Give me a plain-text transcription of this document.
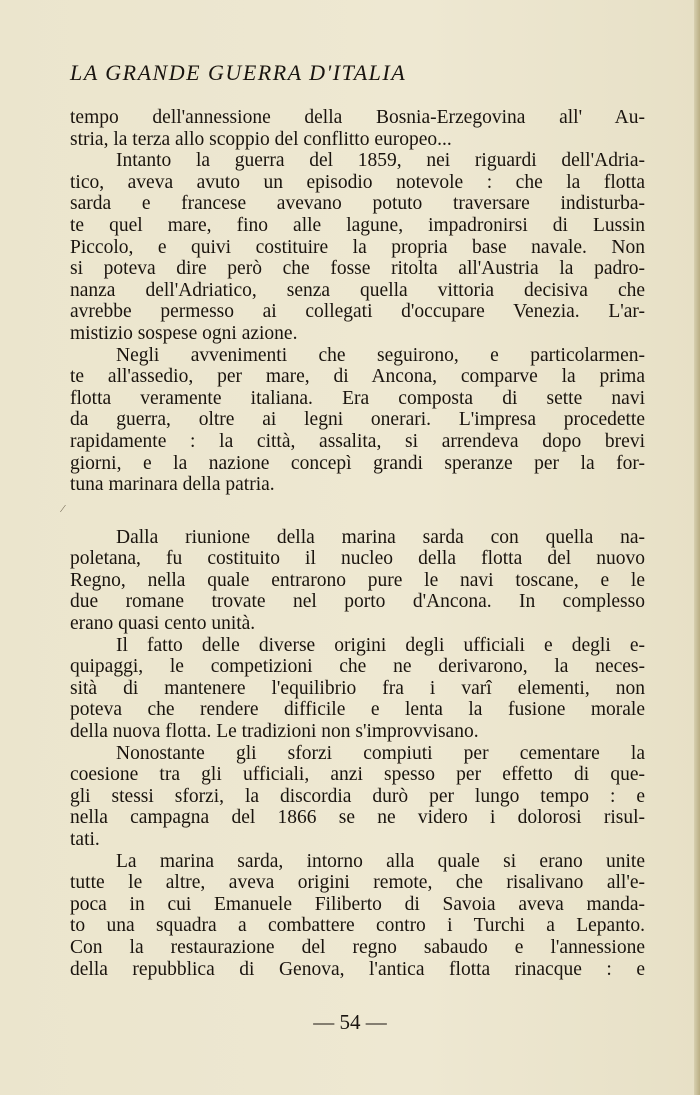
LA GRANDE GUERRA D'ITALIA
tempo dell'annessione della Bosnia-Erzegovina all' Au-
stria, la terza allo scoppio del conflitto europeo...
Intanto la guerra del 1859, nei riguardi dell'Adria-
tico, aveva avuto un episodio notevole : che la flotta
sarda e francese avevano potuto traversare indisturba-
te quel mare, fino alle lagune, impadronirsi di Lussin
Piccolo, e quivi costituire la propria base navale. Non
si poteva dire però che fosse ritolta all'Austria la padro-
nanza dell'Adriatico, senza quella vittoria decisiva che
avrebbe permesso ai collegati d'occupare Venezia. L'ar-
mistizio sospese ogni azione.
Negli avvenimenti che seguirono, e particolarmen-
te all'assedio, per mare, di Ancona, comparve la prima
flotta veramente italiana. Era composta di sette navi
da guerra, oltre ai legni onerari. L'impresa procedette
rapidamente : la città, assalita, si arrendeva dopo brevi
giorni, e la nazione concepì grandi speranze per la for-
tuna marinara della patria.
Dalla riunione della marina sarda con quella na-
poletana, fu costituito il nucleo della flotta del nuovo
Regno, nella quale entrarono pure le navi toscane, e le
due romane trovate nel porto d'Ancona. In complesso
erano quasi cento unità.
Il fatto delle diverse origini degli ufficiali e degli e-
quipaggi, le competizioni che ne derivarono, la neces-
sità di mantenere l'equilibrio fra i varî elementi, non
poteva che rendere difficile e lenta la fusione morale
della nuova flotta. Le tradizioni non s'improvvisano.
Nonostante gli sforzi compiuti per cementare la
coesione tra gli ufficiali, anzi spesso per effetto di que-
gli stessi sforzi, la discordia durò per lungo tempo : e
nella campagna del 1866 se ne videro i dolorosi risul-
tati.
La marina sarda, intorno alla quale si erano unite
tutte le altre, aveva origini remote, che risalivano all'e-
poca in cui Emanuele Filiberto di Savoia aveva manda-
to una squadra a combattere contro i Turchi a Lepanto.
Con la restaurazione del regno sabaudo e l'annessione
della repubblica di Genova, l'antica flotta rinacque : e
⁄
— 54 —
